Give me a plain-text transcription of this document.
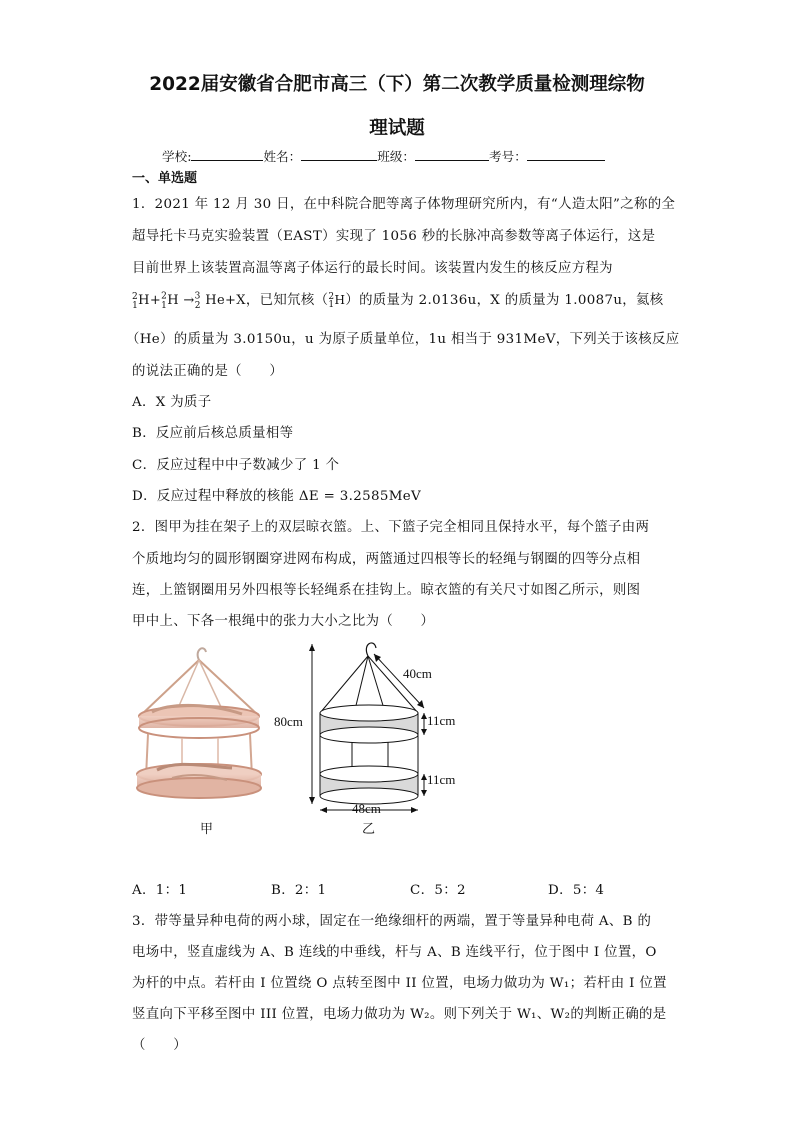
2022届安徽省合肥市高三（下）第二次教学质量检测理综物
理试题
学校:	姓名：	班级：	考号：
一、单选题
1．2021 年 12 月 30 日，在中科院合肥等离子体物理研究所内，有“人造太阳”之称的全
超导托卡马克实验装置（EAST）实现了 1056 秒的长脉冲高参数等离子体运行，这是
目前世界上该装置高温等离子体运行的最长时间。该装置内发生的核反应方程为
$^2_1$H+$^2_1$H →$^3_2$ He+X，已知氘核（$^2_1$H）的质量为 2.0136u，X 的质量为 1.0087u，氦核
（He）的质量为 3.0150u，u 为原子质量单位，1u 相当于 931MeV，下列关于该核反应
的说法正确的是（　　）
A．X 为质子
B．反应前后核总质量相等
C．反应过程中中子数减少了 1 个
D．反应过程中释放的核能 ΔE = 3.2585MeV
2．图甲为挂在架子上的双层晾衣篮。上、下篮子完全相同且保持水平，每个篮子由两
个质地均匀的圆形钢圈穿进网布构成，两篮通过四根等长的轻绳与钢圈的四等分点相
连，上篮钢圈用另外四根等长轻绳系在挂钩上。晾衣篮的有关尺寸如图乙所示，则图
甲中上、下各一根绳中的张力大小之比为（　　）
甲
80cm
40cm
11cm
11cm
48cm
乙
A．1：1	B．2：1	C．5：2	D．5：4
3．带等量异种电荷的两小球，固定在一绝缘细杆的两端，置于等量异种电荷 A、B 的
电场中，竖直虚线为 A、B 连线的中垂线，杆与 A、B 连线平行，位于图中 I 位置，O
为杆的中点。若杆由 I 位置绕 O 点转至图中 II 位置，电场力做功为 W₁；若杆由 I 位置
竖直向下平移至图中 III 位置，电场力做功为 W₂。则下列关于 W₁、W₂的判断正确的是
（　　）
